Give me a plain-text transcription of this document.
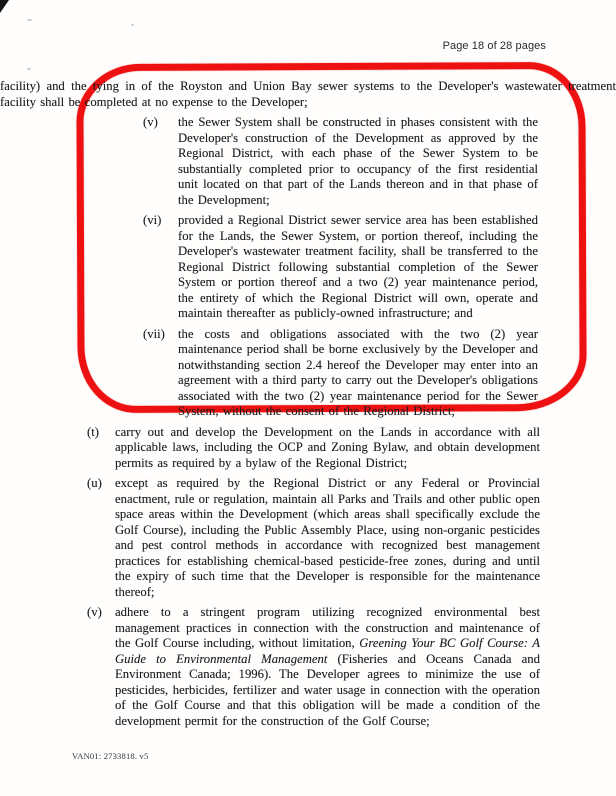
Page 18 of 28 pages

facility) and the tying in of the Royston and Union Bay sewer systems to the Developer's wastewater treatment facility shall be completed at no expense to the Developer;

(v) the Sewer System shall be constructed in phases consistent with the Developer's construction of the Development as approved by the Regional District, with each phase of the Sewer System to be substantially completed prior to occupancy of the first residential unit located on that part of the Lands thereon and in that phase of the Development;

(vi) provided a Regional District sewer service area has been established for the Lands, the Sewer System, or portion thereof, including the Developer's wastewater treatment facility, shall be transferred to the Regional District following substantial completion of the Sewer System or portion thereof and a two (2) year maintenance period, the entirety of which the Regional District will own, operate and maintain thereafter as publicly-owned infrastructure; and

(vii) the costs and obligations associated with the two (2) year maintenance period shall be borne exclusively by the Developer and notwithstanding section 2.4 hereof the Developer may enter into an agreement with a third party to carry out the Developer's obligations associated with the two (2) year maintenance period for the Sewer System, without the consent of the Regional District;

(t) carry out and develop the Development on the Lands in accordance with all applicable laws, including the OCP and Zoning Bylaw, and obtain development permits as required by a bylaw of the Regional District;

(u) except as required by the Regional District or any Federal or Provincial enactment, rule or regulation, maintain all Parks and Trails and other public open space areas within the Development (which areas shall specifically exclude the Golf Course), including the Public Assembly Place, using non-organic pesticides and pest control methods in accordance with recognized best management practices for establishing chemical-based pesticide-free zones, during and until the expiry of such time that the Developer is responsible for the maintenance thereof;

(v) adhere to a stringent program utilizing recognized environmental best management practices in connection with the construction and maintenance of the Golf Course including, without limitation, Greening Your BC Golf Course: A Guide to Environmental Management (Fisheries and Oceans Canada and Environment Canada; 1996). The Developer agrees to minimize the use of pesticides, herbicides, fertilizer and water usage in connection with the operation of the Golf Course and that this obligation will be made a condition of the development permit for the construction of the Golf Course;

VAN01: 2733818. v5
